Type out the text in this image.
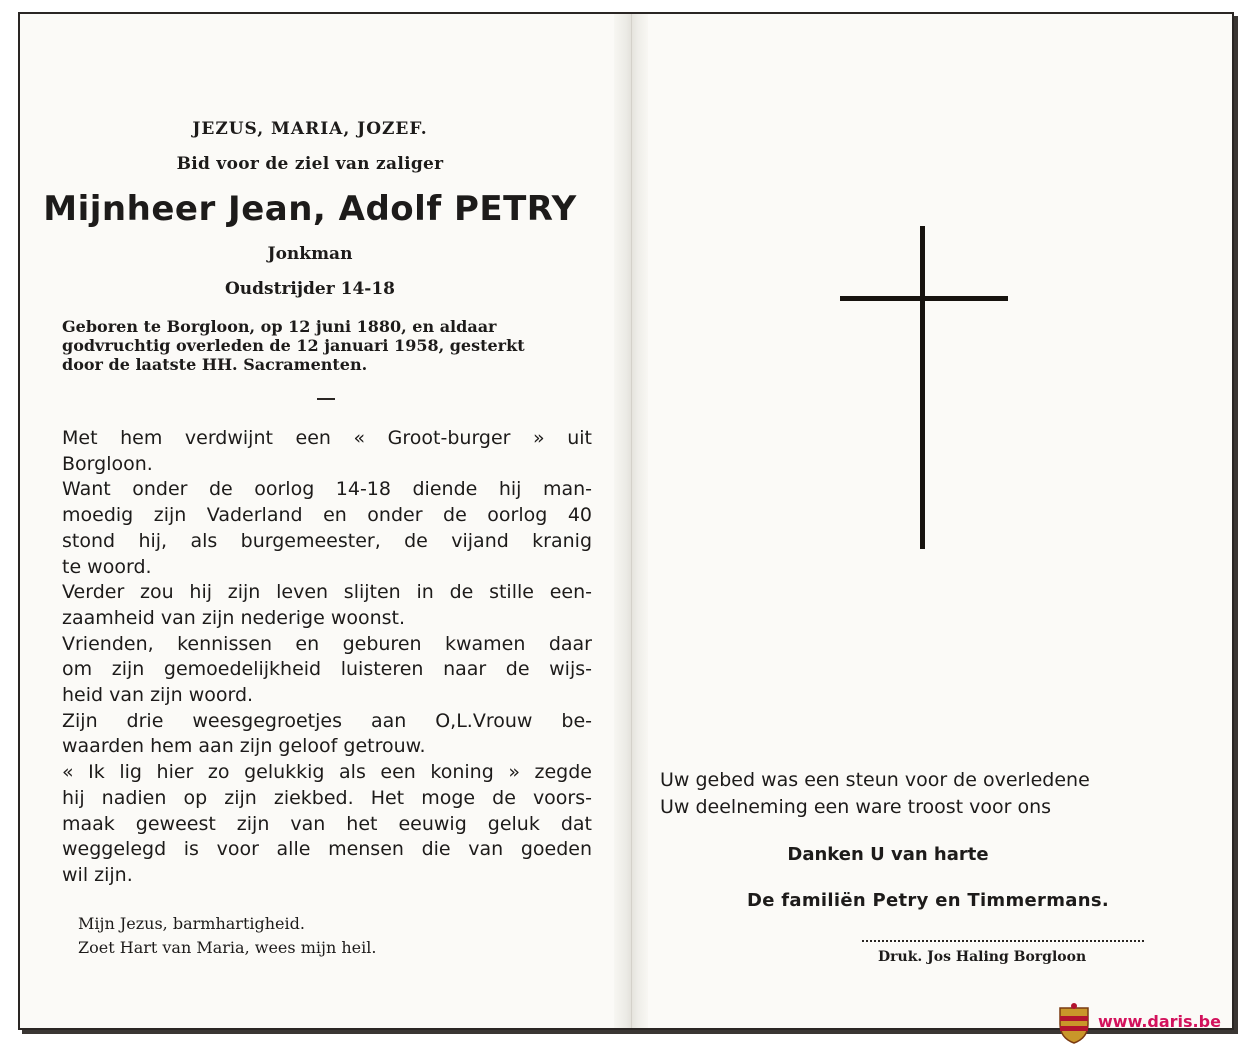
JEZUS, MARIA, JOZEF.
Bid voor de ziel van zaliger
Mijnheer Jean, Adolf PETRY
Jonkman
Oudstrijder 14-18
Geboren te Borgloon, op 12 juni 1880, en aldaar
godvruchtig overleden de 12 januari 1958, gesterkt
door de laatste HH. Sacramenten.
Met hem verdwijnt een « Groot-burger » uit
Borgloon.
Want onder de oorlog 14-18 diende hij man-
moedig zijn Vaderland en onder de oorlog 40
stond hij, als burgemeester, de vijand kranig
te woord.
Verder zou hij zijn leven slijten in de stille een-
zaamheid van zijn nederige woonst.
Vrienden, kennissen en geburen kwamen daar
om zijn gemoedelijkheid luisteren naar de wijs-
heid van zijn woord.
Zijn drie weesgegroetjes aan O,L.Vrouw be-
waarden hem aan zijn geloof getrouw.
« Ik lig hier zo gelukkig als een koning » zegde
hij nadien op zijn ziekbed. Het moge de voors-
maak geweest zijn van het eeuwig geluk dat
weggelegd is voor alle mensen die van goeden
wil zijn.
Mijn Jezus, barmhartigheid.
Zoet Hart van Maria, wees mijn heil.
Uw gebed was een steun voor de overledene
Uw deelneming een ware troost voor ons
Danken U van harte
De familiën Petry en Timmermans.
Druk. Jos Haling Borgloon
www.daris.be
